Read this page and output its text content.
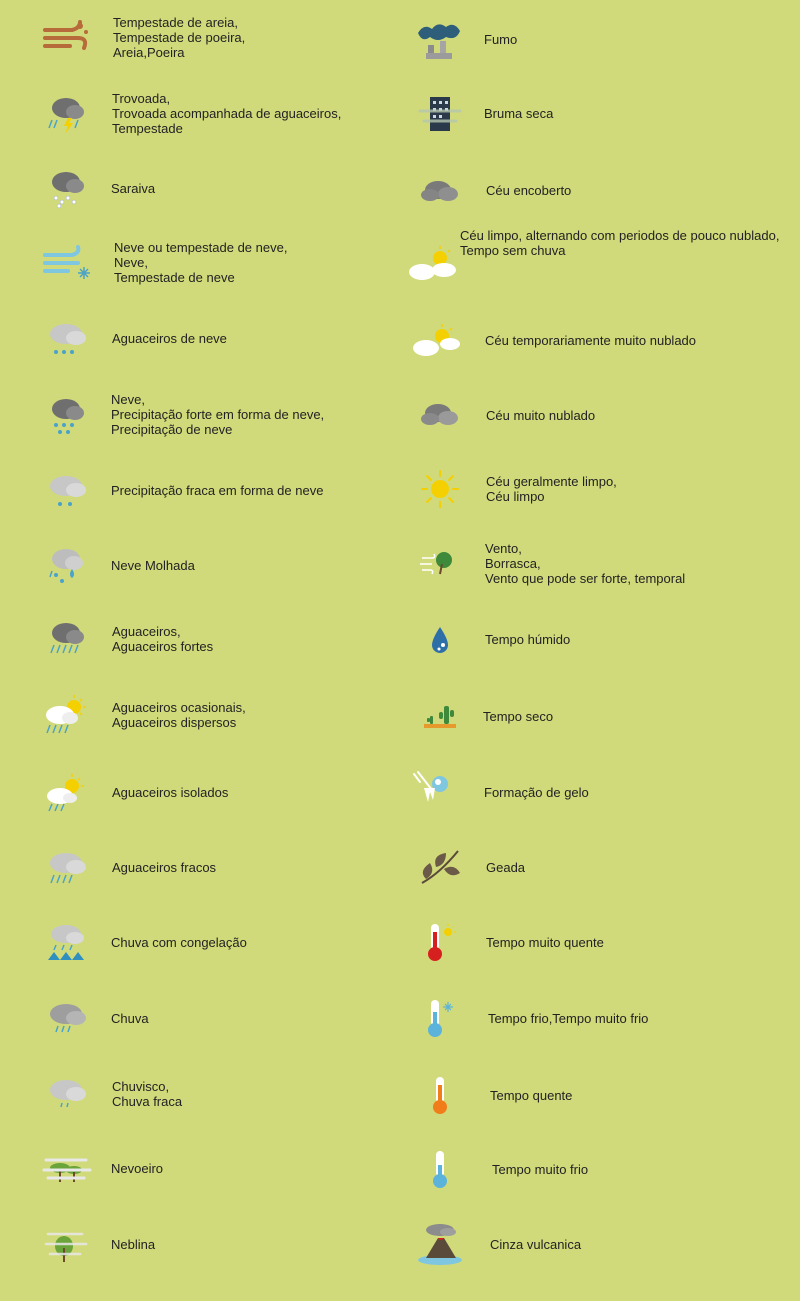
Tempestade de areia,
Tempestade de poeira,
Areia,Poeira
Trovoada,
Trovoada acompanhada de aguaceiros,
Tempestade
Saraiva
Neve ou tempestade de neve,
Neve,
Tempestade de neve
Aguaceiros de neve
Neve,
Precipitação forte em forma de neve,
Precipitação de neve
Precipitação fraca em forma de neve
Neve Molhada
Aguaceiros,
Aguaceiros fortes
Aguaceiros ocasionais,
Aguaceiros dispersos
Aguaceiros isolados
Aguaceiros fracos
Chuva com congelação
Chuva
Chuvisco,
Chuva fraca
Nevoeiro
Neblina
Fumo
Bruma seca
Céu encoberto
Céu limpo, alternando com periodos de pouco nublado,
Tempo sem chuva
Céu temporariamente muito nublado
Céu muito nublado
Céu geralmente limpo,
Céu limpo
Vento,
Borrasca,
Vento que pode ser forte, temporal
Tempo húmido
Tempo seco
Formação de gelo
Geada
Tempo muito quente
Tempo frio,Tempo muito frio
Tempo quente
Tempo muito frio
Cinza vulcanica
